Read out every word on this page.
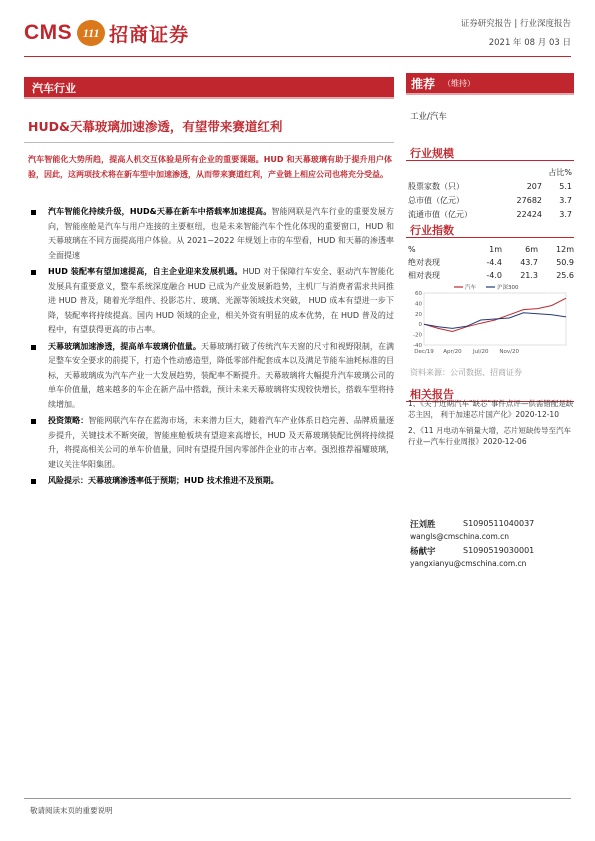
CMS 111 招商证券	证券研究报告 | 行业深度报告
2021 年 08 月 03 日
汽车行业
HUD&天幕玻璃加速渗透，有望带来赛道红利
汽车智能化大势所趋，提高人机交互体验是所有企业的重要课题。HUD 和天幕玻璃有助于提升用户体验，因此，这两项技术将在新车型中加速渗透，从而带来赛道红利，产业链上相应公司也将充分受益。
汽车智能化持续升级，HUD&天幕在新车中搭载率加速提高。智能网联是汽车行业的重要发展方向，智能座舱是汽车与用户连接的主要枢纽，也是未来智能汽车个性化体现的重要窗口，HUD 和天幕玻璃在不同方面提高用户体验。从 2021~2022 年规划上市的车型看，HUD 和天幕的渗透率全面提速
HUD 装配率有望加速提高，自主企业迎来发展机遇。HUD 对于保障行车安全、驱动汽车智能化发展具有重要意义，整车系统深度融合 HUD 已成为产业发展新趋势，主机厂与消费者需求共同推进 HUD 普及，随着光学组件、投影芯片、玻璃、光源等领域技术突破， HUD 成本有望进一步下降，装配率将持续提高。国内 HUD 领域的企业，相关外资有明显的成本优势，在 HUD 普及的过程中，有望获得更高的市占率。
天幕玻璃加速渗透，提高单车玻璃价值量。天幕玻璃打破了传统汽车天窗的尺寸和视野限制，在满足整车安全要求的前提下，打造个性动感造型，降低零部件配套成本以及满足节能车油耗标准的目标，天幕玻璃成为汽车产业一大发展趋势，装配率不断提升。天幕玻璃将大幅提升汽车玻璃公司的单车价值量，越来越多的车企在新产品中搭载，预计未来天幕玻璃将实现较快增长，搭载车型将持续增加。
投资策略：智能网联汽车存在蓝海市场，未来潜力巨大，随着汽车产业体系日趋完善、品牌质量逐步提升，关键技术不断突破，智能座舱板块有望迎来高增长，HUD 及天幕玻璃装配比例将持续提升，将提高相关公司的单车价值量，同时有望提升国内零部件企业的市占率。强烈推荐福耀玻璃，建议关注华阳集团。
风险提示：天幕玻璃渗透率低于预期；HUD 技术推进不及预期。
推荐 （维持）
工业/汽车
行业规模
占比%
股票家数（只）	207	5.1
总市值（亿元）	27682	3.7
流通市值（亿元）	22424	3.7
行业指数
%	1m	6m	12m
绝对表现	-4.4	43.7	50.9
相对表现	-4.0	21.3	25.6
60
40
20
0
-20
-40
Dec/19 Apr/20 Jul/20 Nov/20
汽车	沪深300
资料来源：公司数据、招商证券
相关报告
1、《关于近期汽车"缺芯"事件点评—供需错配是缺芯主因， 利于加速芯片国产化》2020-12-10
2、《11 月电动车销量大增，芯片短缺传导至汽车行业—汽车行业周报》2020-12-06
汪刘胜	S1090511040037
wangls@cmschina.com.cn
杨献宇	S1090519030001
yangxianyu@cmschina.com.cn
敬请阅读末页的重要说明
